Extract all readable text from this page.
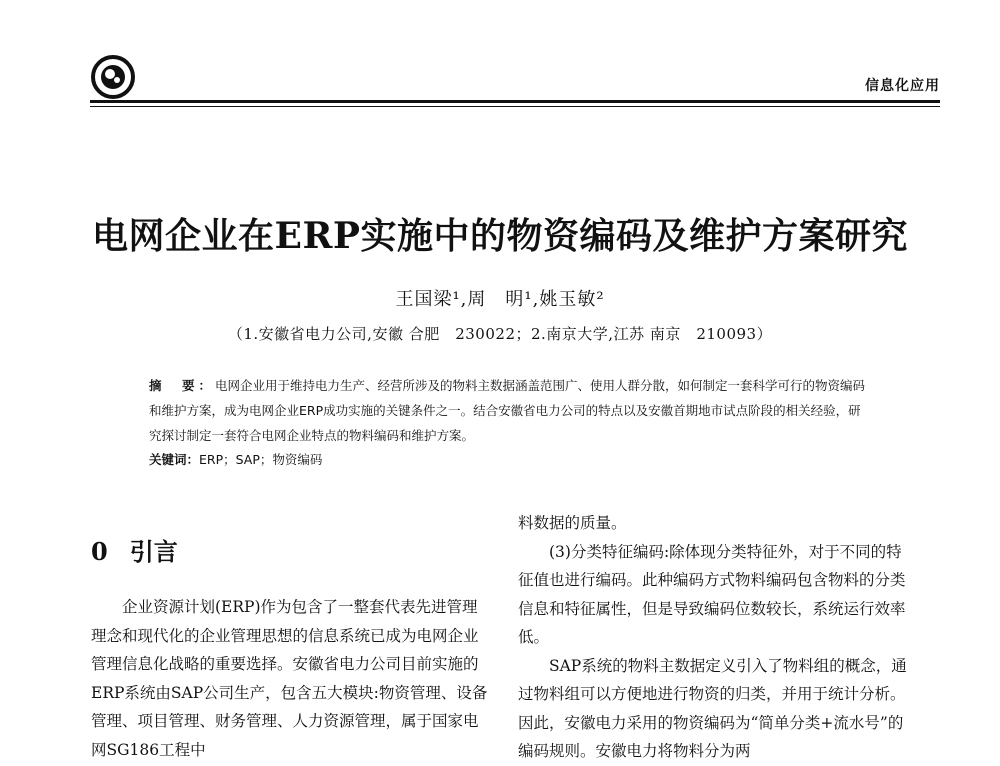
信息化应用
电网企业在ERP实施中的物资编码及维护方案研究
王国梁¹,周　明¹,姚玉敏²
（1.安徽省电力公司,安徽 合肥　230022；2.南京大学,江苏 南京　210093）
摘　要：电网企业用于维持电力生产、经营所涉及的物料主数据涵盖范围广、使用人群分散，如何制定一套科学可行的物资编码和维护方案，成为电网企业ERP成功实施的关键条件之一。结合安徽省电力公司的特点以及安徽首期地市试点阶段的相关经验，研究探讨制定一套符合电网企业特点的物料编码和维护方案。
关键词：ERP；SAP；物资编码
0 引言

企业资源计划(ERP)作为包含了一整套代表先进管理理念和现代化的企业管理思想的信息系统已成为电网企业管理信息化战略的重要选择。安徽省电力公司目前实施的ERP系统由SAP公司生产，包含五大模块:物资管理、设备管理、项目管理、财务管理、人力资源管理，属于国家电网SG186工程中

料数据的质量。

(3)分类特征编码:除体现分类特征外，对于不同的特征值也进行编码。此种编码方式物料编码包含物料的分类信息和特征属性，但是导致编码位数较长，系统运行效率低。

SAP系统的物料主数据定义引入了物料组的概念，通过物料组可以方便地进行物资的归类，并用于统计分析。因此，安徽电力采用的物资编码为“简单分类+流水号”的编码规则。安徽电力将物料分为两
